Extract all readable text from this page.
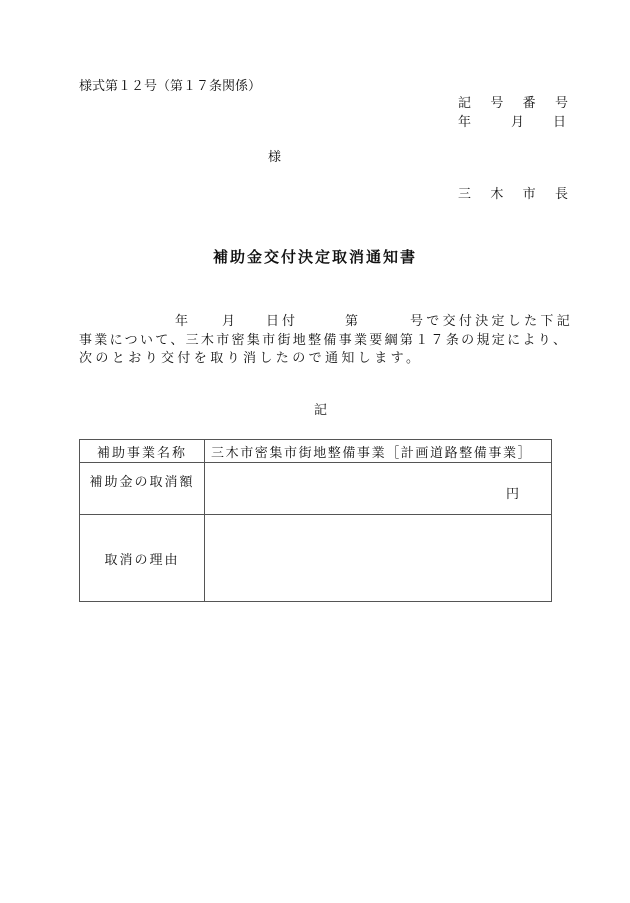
様式第１２号（第１７条関係）
記 号 番 号
年	月 日
様
三 木 市 長
補助金交付決定取消通知書
年	月 日付	第	号で交付決定した下記
事業について、三木市密集市街地整備事業要綱第１７条の規定により、
次のとおり交付を取り消したので通知します。
記
補助事業名称	三木市密集市街地整備事業［計画道路整備事業］
補助金の取消額	円
取消の理由	
